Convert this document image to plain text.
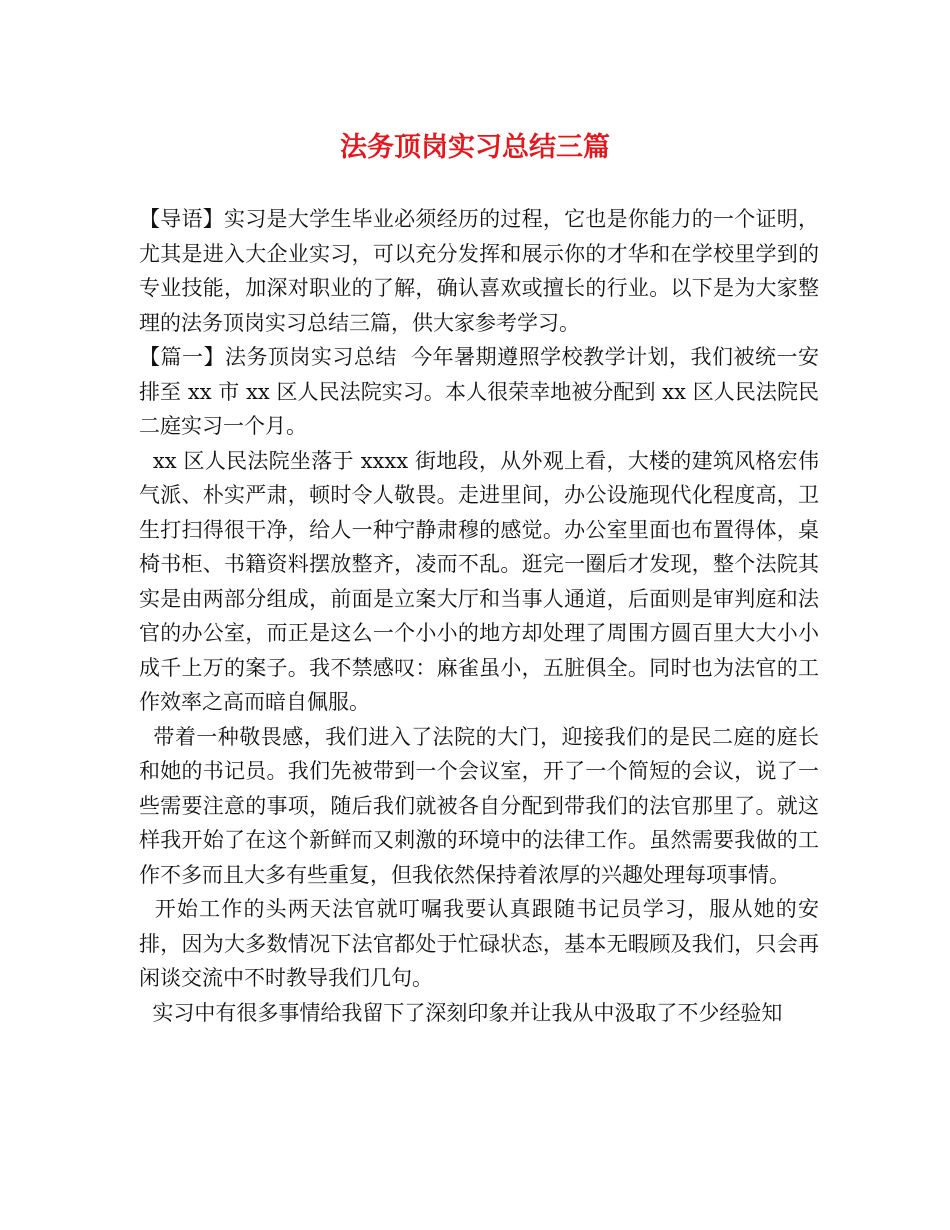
法务顶岗实习总结三篇

【导语】实习是大学生毕业必须经历的过程，它也是你能力的一个证明，尤其是进入大企业实习，可以充分发挥和展示你的才华和在学校里学到的专业技能，加深对职业的了解，确认喜欢或擅长的行业。以下是为大家整理的法务顶岗实习总结三篇，供大家参考学习。

【篇一】法务顶岗实习总结  今年暑期遵照学校教学计划，我们被统一安排至 xx 市 xx 区人民法院实习。本人很荣幸地被分配到 xx 区人民法院民二庭实习一个月。

xx 区人民法院坐落于 xxxx 街地段，从外观上看，大楼的建筑风格宏伟气派、朴实严肃，顿时令人敬畏。走进里间，办公设施现代化程度高，卫生打扫得很干净，给人一种宁静肃穆的感觉。办公室里面也布置得体，桌椅书柜、书籍资料摆放整齐，凌而不乱。逛完一圈后才发现，整个法院其实是由两部分组成，前面是立案大厅和当事人通道，后面则是审判庭和法官的办公室，而正是这么一个小小的地方却处理了周围方圆百里大大小小成千上万的案子。我不禁感叹：麻雀虽小，五脏俱全。同时也为法官的工作效率之高而暗自佩服。

带着一种敬畏感，我们进入了法院的大门，迎接我们的是民二庭的庭长和她的书记员。我们先被带到一个会议室，开了一个简短的会议，说了一些需要注意的事项，随后我们就被各自分配到带我们的法官那里了。就这样我开始了在这个新鲜而又刺激的环境中的法律工作。虽然需要我做的工作不多而且大多有些重复，但我依然保持着浓厚的兴趣处理每项事情。

开始工作的头两天法官就叮嘱我要认真跟随书记员学习，服从她的安排，因为大多数情况下法官都处于忙碌状态，基本无暇顾及我们，只会再闲谈交流中不时教导我们几句。

实习中有很多事情给我留下了深刻印象并让我从中汲取了不少经验知
